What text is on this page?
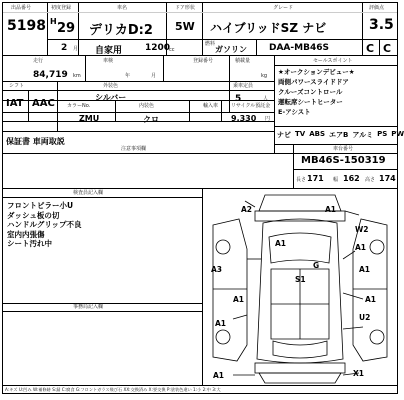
出品番号
5198
初度登録
H 29
2 月
車名
デリカD:2
自家用
ドア形状
5W
1200
cc
燃料
ガソリン
グレード
ハイブリッドSZ ナビ
DAA-MB46S
評価点
3.5
C C
走行
84,719 km
車検
年	月
登録番号	積載量
kg
シフト
IAT AAC
外装色
シルバー
乗車定員
5	人
カラーNo.
ZMU
内装色
クロ
輸入車	リサイクル預託金
9,330 円
保証書 車両取説
セールスポイント
★オークションデビュー★
両側パワースライドドア
クルーズコントロール
運転席シートヒーター
E-アシスト
ナビ TV ABS エアB アルミ PS PW
注意事項欄	車台番号
MB46S-150319
長さ 171 幅 162 高さ 174
検査員記入欄
フロントピラー小U
ダッシュ板の切
ハンドルグリップ不良
室内内張傷
シート汚れ中
事務局記入欄
A2	A1
A1
W2
A1
G
S1
A3
A1
A1
A1
U2
A1
A1	X1
A:キズ U:凹み W:補修跡 S:錆 C:腐食 G:フロントガラス飛び石 XX:交換済み X:要交換 P:塗装色違い 1:小 2:中 3:大
